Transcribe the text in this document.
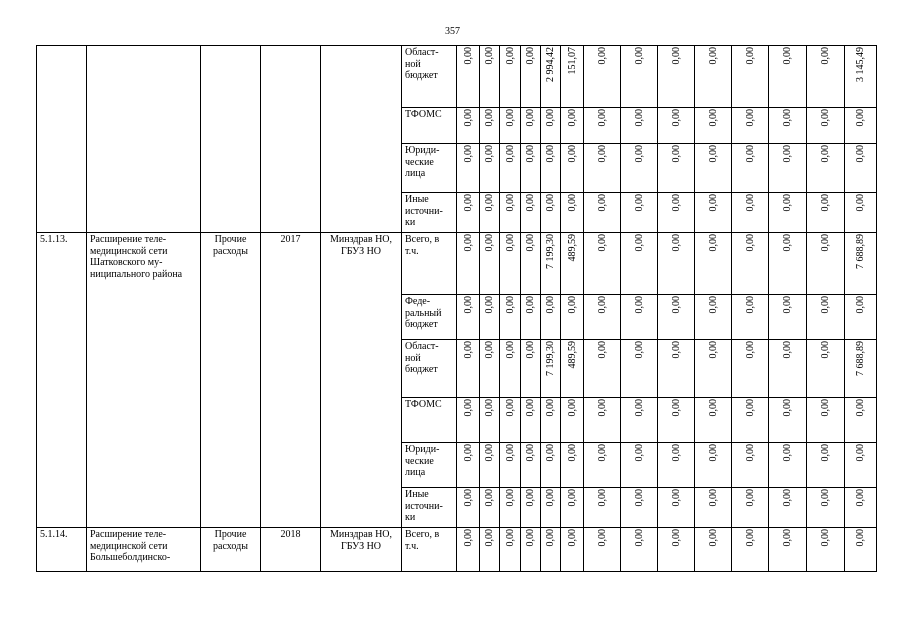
357
					Област-ной бюджет	0,00	0,00	0,00	0,00	2 994,42	151,07	0,00	0,00	0,00	0,00	0,00	0,00	0,00	3 145,49
					ТФОМС	0,00	0,00	0,00	0,00	0,00	0,00	0,00	0,00	0,00	0,00	0,00	0,00	0,00	0,00
					Юриди-ческие лица	0,00	0,00	0,00	0,00	0,00	0,00	0,00	0,00	0,00	0,00	0,00	0,00	0,00	0,00
					Иные источни-ки	0,00	0,00	0,00	0,00	0,00	0,00	0,00	0,00	0,00	0,00	0,00	0,00	0,00	0,00
5.1.13.	Расширение теле-медицинской сети Шатковского му-ниципального района	Прочие расходы	2017	Минздрав НО, ГБУЗ НО	Всего, в т.ч.	0,00	0,00	0,00	0,00	7 199,30	489,59	0,00	0,00	0,00	0,00	0,00	0,00	0,00	7 688,89
					Феде-ральный бюджет	0,00	0,00	0,00	0,00	0,00	0,00	0,00	0,00	0,00	0,00	0,00	0,00	0,00	0,00
					Област-ной бюджет	0,00	0,00	0,00	0,00	7 199,30	489,59	0,00	0,00	0,00	0,00	0,00	0,00	0,00	7 688,89
					ТФОМС	0,00	0,00	0,00	0,00	0,00	0,00	0,00	0,00	0,00	0,00	0,00	0,00	0,00	0,00
					Юриди-ческие лица	0,00	0,00	0,00	0,00	0,00	0,00	0,00	0,00	0,00	0,00	0,00	0,00	0,00	0,00
					Иные источни-ки	0,00	0,00	0,00	0,00	0,00	0,00	0,00	0,00	0,00	0,00	0,00	0,00	0,00	0,00
5.1.14.	Расширение теле-медицинской сети Большеболдинско-	Прочие расходы	2018	Минздрав НО, ГБУЗ НО	Всего, в т.ч.	0,00	0,00	0,00	0,00	0,00	0,00	0,00	0,00	0,00	0,00	0,00	0,00	0,00	0,00
